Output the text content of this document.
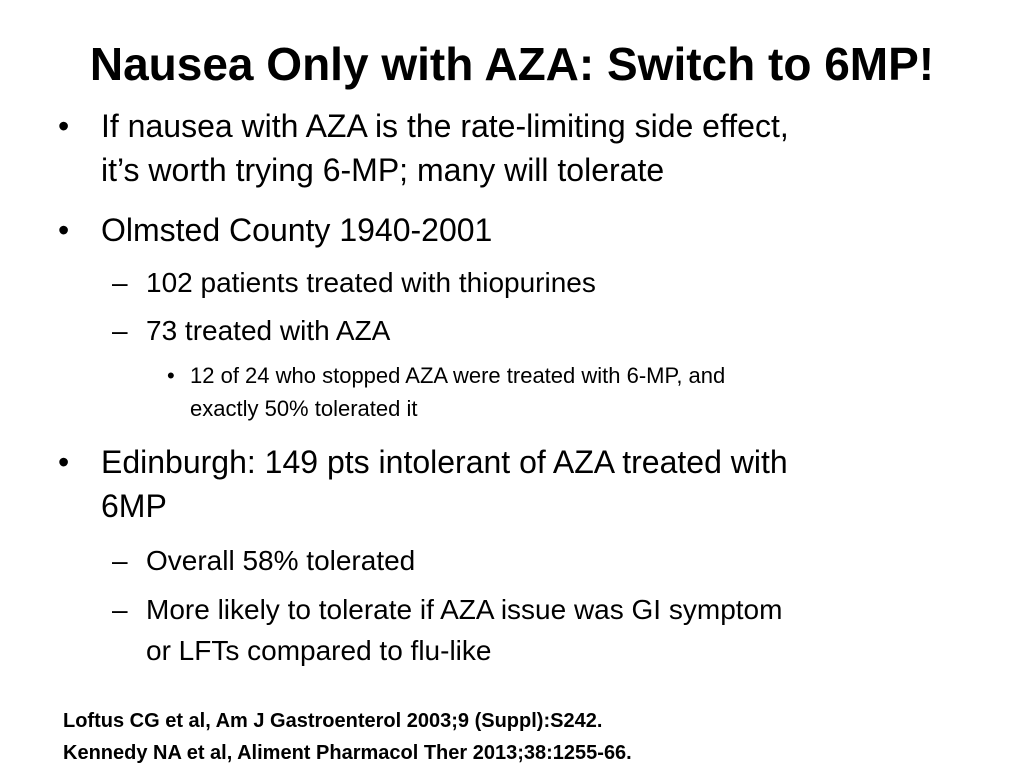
Nausea Only with AZA: Switch to 6MP!
• If nausea with AZA is the rate-limiting side effect,
it’s worth trying 6-MP; many will tolerate
• Olmsted County 1940-2001
– 102 patients treated with thiopurines
– 73 treated with AZA
• 12 of 24 who stopped AZA were treated with 6-MP, and
exactly 50% tolerated it
• Edinburgh: 149 pts intolerant of AZA treated with
6MP
– Overall 58% tolerated
– More likely to tolerate if AZA issue was GI symptom
or LFTs compared to flu-like
Loftus CG et al, Am J Gastroenterol 2003;9 (Suppl):S242.
Kennedy NA et al, Aliment Pharmacol Ther 2013;38:1255-66.
